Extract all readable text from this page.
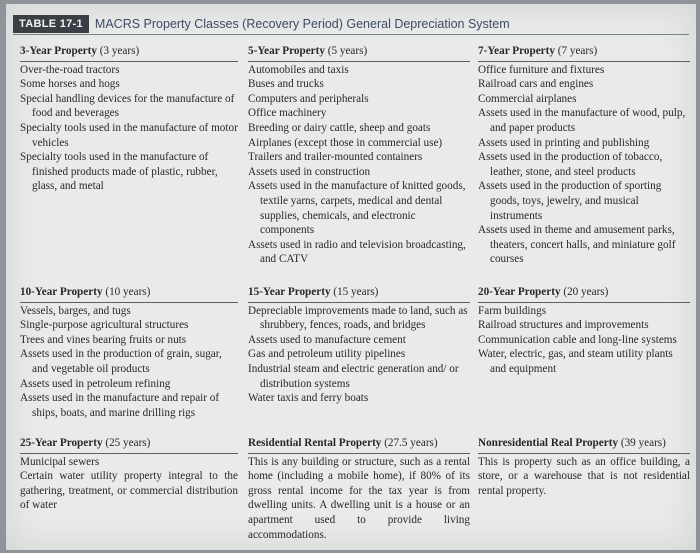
TABLE 17-1 MACRS Property Classes (Recovery Period) General Depreciation System
3-Year Property (3 years)
Over-the-road tractors
Some horses and hogs
Special handling devices for the manufacture of food and beverages
Specialty tools used in the manufacture of motor vehicles
Specialty tools used in the manufacture of finished products made of plastic, rubber, glass, and metal
5-Year Property (5 years)
Automobiles and taxis
Buses and trucks
Computers and peripherals
Office machinery
Breeding or dairy cattle, sheep and goats
Airplanes (except those in commercial use)
Trailers and trailer-mounted containers
Assets used in construction
Assets used in the manufacture of knitted goods, textile yarns, carpets, medical and dental supplies, chemicals, and electronic components
Assets used in radio and television broadcasting, and CATV
7-Year Property (7 years)
Office furniture and fixtures
Railroad cars and engines
Commercial airplanes
Assets used in the manufacture of wood, pulp, and paper products
Assets used in printing and publishing
Assets used in the production of tobacco, leather, stone, and steel products
Assets used in the production of sporting goods, toys, jewelry, and musical instruments
Assets used in theme and amusement parks, theaters, concert halls, and miniature golf courses
10-Year Property (10 years)
Vessels, barges, and tugs
Single-purpose agricultural structures
Trees and vines bearing fruits or nuts
Assets used in the production of grain, sugar, and vegetable oil products
Assets used in petroleum refining
Assets used in the manufacture and repair of ships, boats, and marine drilling rigs
15-Year Property (15 years)
Depreciable improvements made to land, such as shrubbery, fences, roads, and bridges
Assets used to manufacture cement
Gas and petroleum utility pipelines
Industrial steam and electric generation and/ or distribution systems
Water taxis and ferry boats
20-Year Property (20 years)
Farm buildings
Railroad structures and improvements
Communication cable and long-line systems
Water, electric, gas, and steam utility plants and equipment
25-Year Property (25 years)
Municipal sewers
Certain water utility property integral to the gathering, treatment, or commercial distribution of water
Residential Rental Property (27.5 years)
This is any building or structure, such as a rental home (including a mobile home), if 80% of its gross rental income for the tax year is from dwelling units. A dwelling unit is a house or an apartment used to provide living accommodations.
Nonresidential Real Property (39 years)
This is property such as an office building, a store, or a warehouse that is not residential rental property.
